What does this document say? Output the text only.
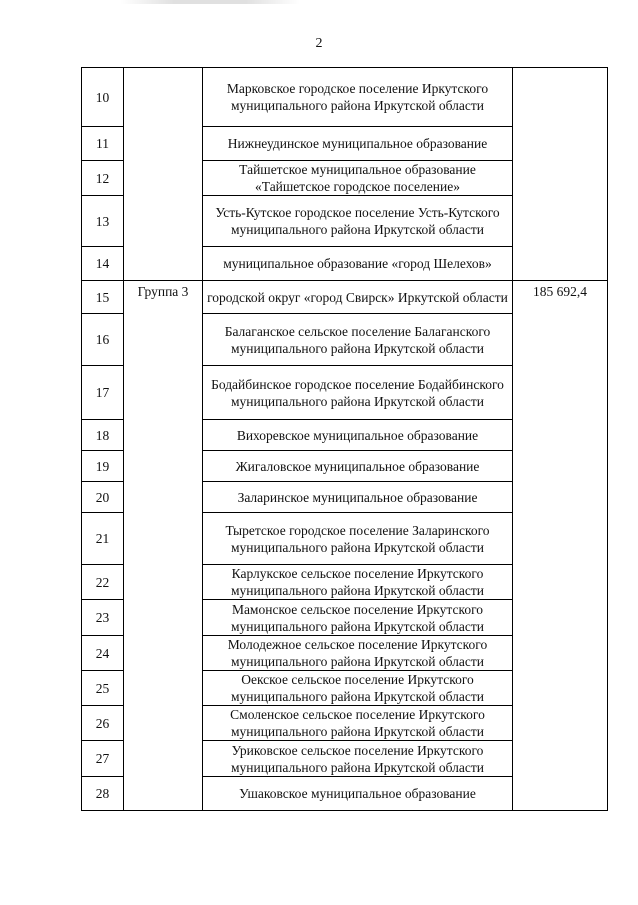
2
10		Марковское городское поселение Иркутского муниципального района Иркутской области	
11		Нижнеудинское муниципальное образование	
12		Тайшетское муниципальное образование «Тайшетское городское поселение»	
13		Усть-Кутское городское поселение Усть-Кутского муниципального района Иркутской области	
14		муниципальное образование «город Шелехов»	
15	Группа 3	городской округ «город Свирск» Иркутской области	185 692,4
16		Балаганское сельское поселение Балаганского муниципального района Иркутской области	
17		Бодайбинское городское поселение Бодайбинского муниципального района Иркутской области	
18		Вихоревское муниципальное образование	
19		Жигаловское муниципальное образование	
20		Заларинское муниципальное образование	
21		Тыретское городское поселение Заларинского муниципального района Иркутской области	
22		Карлукское сельское поселение Иркутского муниципального района Иркутской области	
23		Мамонское сельское поселение Иркутского муниципального района Иркутской области	
24		Молодежное сельское поселение Иркутского муниципального района Иркутской области	
25		Оекское сельское поселение Иркутского муниципального района Иркутской области	
26		Смоленское сельское поселение Иркутского муниципального района Иркутской области	
27		Уриковское сельское поселение Иркутского муниципального района Иркутской области	
28		Ушаковское муниципальное образование	
